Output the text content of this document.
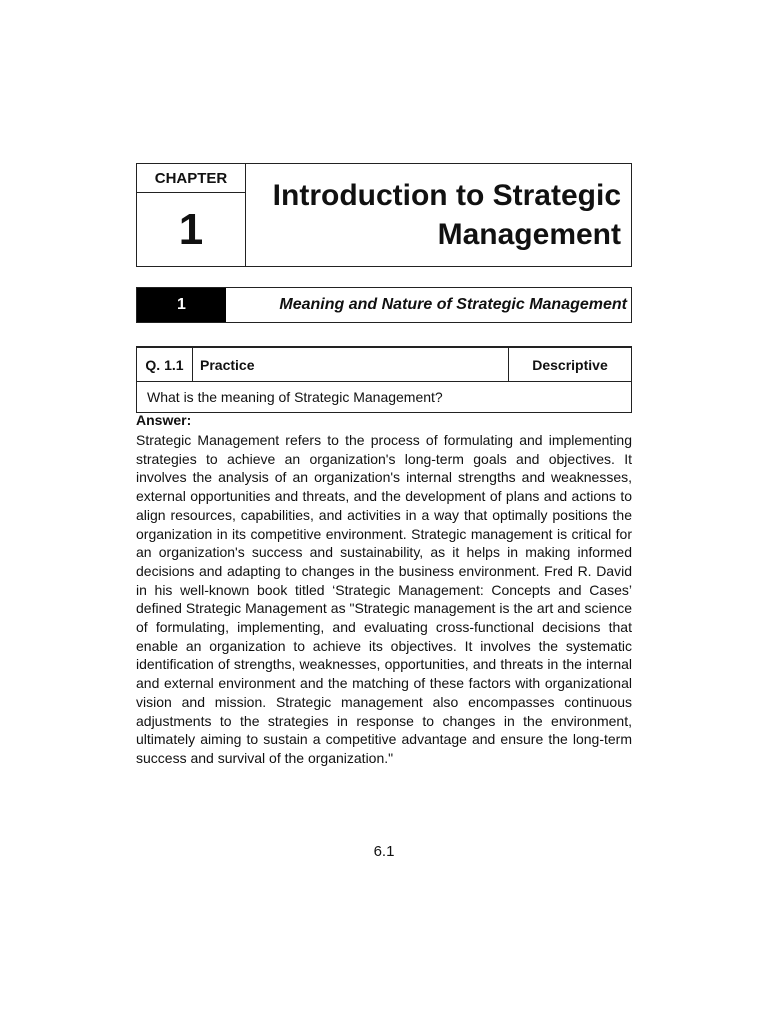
CHAPTER
1
Introduction to Strategic Management
1	Meaning and Nature of Strategic Management
Q. 1.1	Practice	Descriptive
What is the meaning of Strategic Management?
Answer:

Strategic Management refers to the process of formulating and implementing strategies to achieve an organization's long-term goals and objectives. It involves the analysis of an organization's internal strengths and weaknesses, external opportunities and threats, and the development of plans and actions to align resources, capabilities, and activities in a way that optimally positions the organization in its competitive environment. Strategic management is critical for an organization's success and sustainability, as it helps in making informed decisions and adapting to changes in the business environment. Fred R. David in his well-known book titled ‘Strategic Management: Concepts and Cases’ defined Strategic Management as "Strategic management is the art and science of formulating, implementing, and evaluating cross-functional decisions that enable an organization to achieve its objectives. It involves the systematic identification of strengths, weaknesses, opportunities, and threats in the internal and external environment and the matching of these factors with organizational vision and mission. Strategic management also encompasses continuous adjustments to the strategies in response to changes in the environment, ultimately aiming to sustain a competitive advantage and ensure the long-term success and survival of the organization."

6.1
